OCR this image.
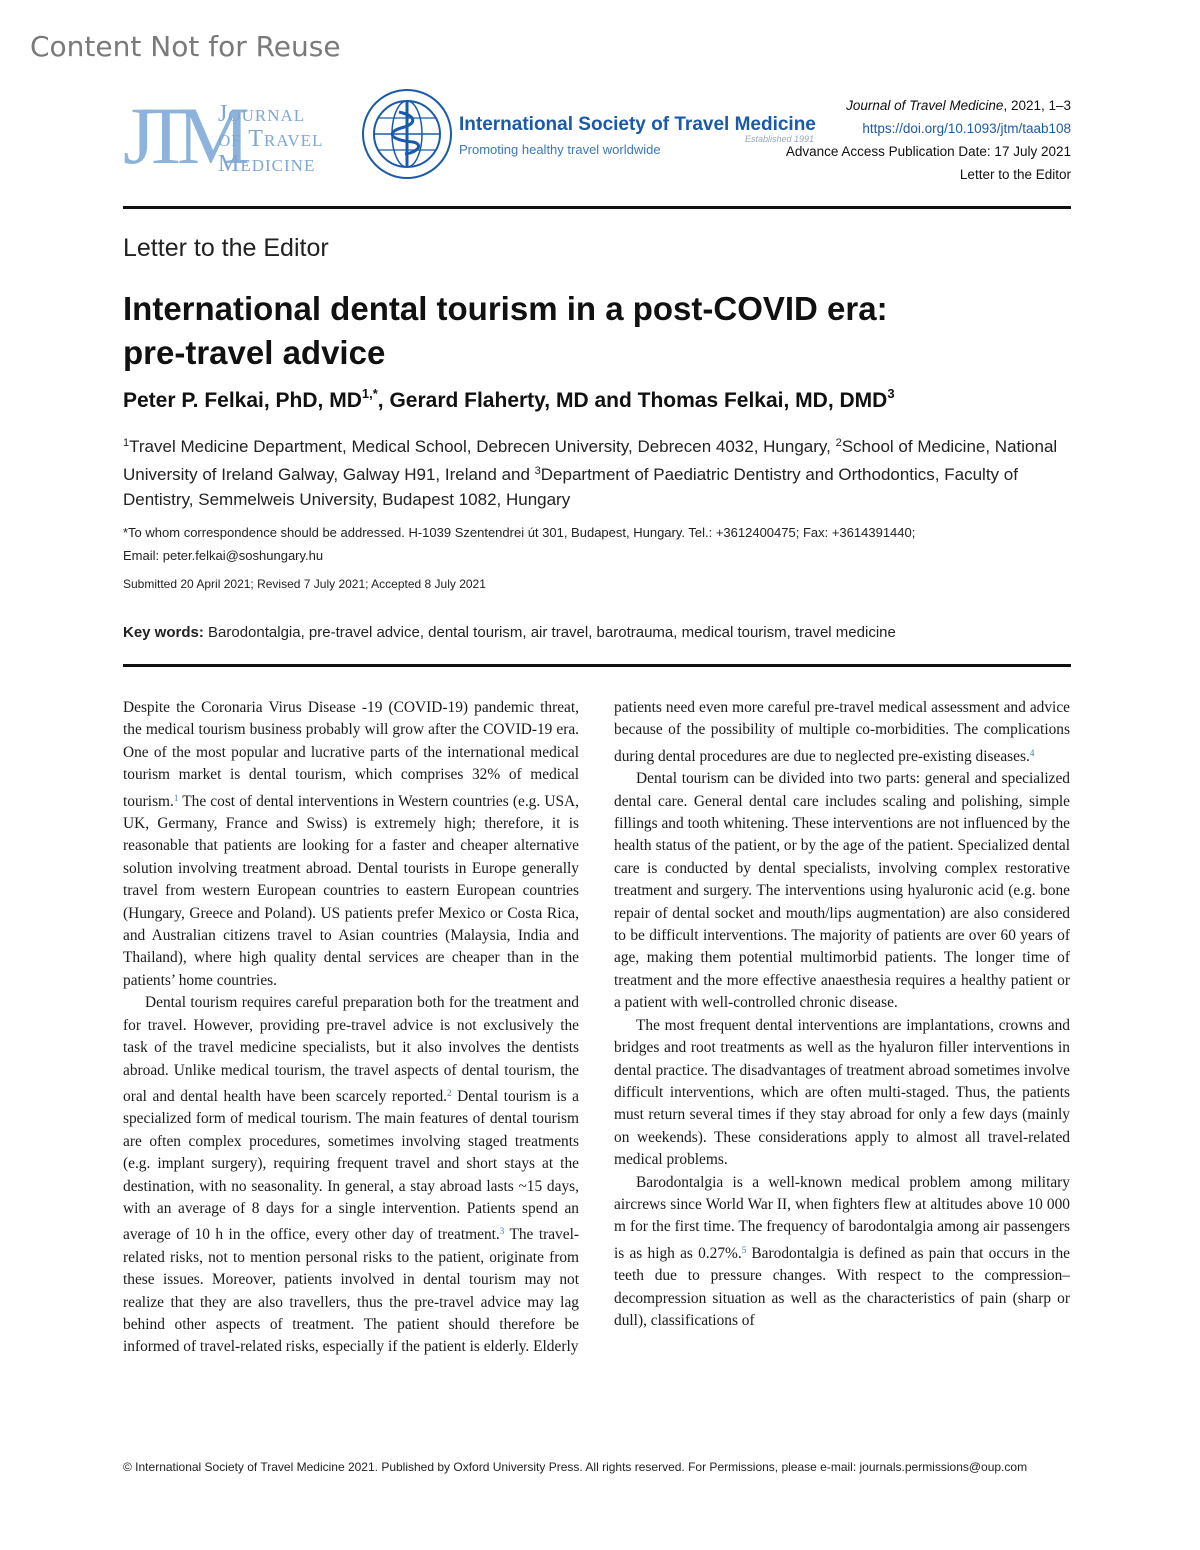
Content Not for Reuse
JTM
Journal
of Travel
Medicine
International Society of Travel Medicine
Promoting healthy travel worldwide
Established 1991
Journal of Travel Medicine, 2021, 1–3
https://doi.org/10.1093/jtm/taab108
Advance Access Publication Date: 17 July 2021
Letter to the Editor
Letter to the Editor
International dental tourism in a post-COVID era: pre-travel advice
Peter P. Felkai, PhD, $MD^{1,*}$, Gerard Flaherty, MD and Thomas Felkai, MD, DMD$^3$
$^1$Travel Medicine Department, Medical School, Debrecen University, Debrecen 4032, Hungary, $^2$School of Medicine, National University of Ireland Galway, Galway H91, Ireland and $^3$Department of Paediatric Dentistry and Orthodontics, Faculty of Dentistry, Semmelweis University, Budapest 1082, Hungary
*To whom correspondence should be addressed. H-1039 Szentendrei út 301, Budapest, Hungary. Tel.: +3612400475; Fax: +3614391440;
Email: peter.felkai@soshungary.hu
Submitted 20 April 2021; Revised 7 July 2021; Accepted 8 July 2021
Key words: Barodontalgia, pre-travel advice, dental tourism, air travel, barotrauma, medical tourism, travel medicine

Despite the Coronaria Virus Disease -19 (COVID-19) pandemic threat, the medical tourism business probably will grow after the COVID-19 era. One of the most popular and lucrative parts of the international medical tourism market is dental tourism, which comprises 32% of medical tourism.$^1$ The cost of dental interventions in Western countries (e.g. USA, UK, Germany, France and Swiss) is extremely high; therefore, it is reasonable that patients are looking for a faster and cheaper alternative solution involving treatment abroad. Dental tourists in Europe generally travel from western European countries to eastern European countries (Hungary, Greece and Poland). US patients prefer Mexico or Costa Rica, and Australian citizens travel to Asian countries (Malaysia, India and Thailand), where high quality dental services are cheaper than in the patients’ home countries.

Dental tourism requires careful preparation both for the treatment and for travel. However, providing pre-travel advice is not exclusively the task of the travel medicine specialists, but it also involves the dentists abroad. Unlike medical tourism, the travel aspects of dental tourism, the oral and dental health have been scarcely reported.$^2$ Dental tourism is a specialized form of medical tourism. The main features of dental tourism are often complex procedures, sometimes involving staged treatments (e.g. implant surgery), requiring frequent travel and short stays at the destination, with no seasonality. In general, a stay abroad lasts ~15 days, with an average of 8 days for a single intervention. Patients spend an average of 10 h in the office, every other day of treatment.$^3$ The travel-related risks, not to mention personal risks to the patient, originate from these issues. Moreover, patients involved in dental tourism may not realize that they are also travellers, thus the pre-travel advice may lag behind other aspects of treatment. The patient should therefore be informed of travel-related risks, especially if the patient is elderly. Elderly

patients need even more careful pre-travel medical assessment and advice because of the possibility of multiple co-morbidities. The complications during dental procedures are due to neglected pre-existing diseases.$^4$

Dental tourism can be divided into two parts: general and specialized dental care. General dental care includes scaling and polishing, simple fillings and tooth whitening. These interventions are not influenced by the health status of the patient, or by the age of the patient. Specialized dental care is conducted by dental specialists, involving complex restorative treatment and surgery. The interventions using hyaluronic acid (e.g. bone repair of dental socket and mouth/lips augmentation) are also considered to be difficult interventions. The majority of patients are over 60 years of age, making them potential multimorbid patients. The longer time of treatment and the more effective anaesthesia requires a healthy patient or a patient with well-controlled chronic disease.

The most frequent dental interventions are implantations, crowns and bridges and root treatments as well as the hyaluron filler interventions in dental practice. The disadvantages of treatment abroad sometimes involve difficult interventions, which are often multi-staged. Thus, the patients must return several times if they stay abroad for only a few days (mainly on weekends). These considerations apply to almost all travel-related medical problems.

Barodontalgia is a well-known medical problem among military aircrews since World War II, when fighters flew at altitudes above 10 000 m for the first time. The frequency of barodontalgia among air passengers is as high as 0.27%.$^5$ Barodontalgia is defined as pain that occurs in the teeth due to pressure changes. With respect to the compression–decompression situation as well as the characteristics of pain (sharp or dull), classifications of

© International Society of Travel Medicine 2021. Published by Oxford University Press. All rights reserved. For Permissions, please e-mail: journals.permissions@oup.com
